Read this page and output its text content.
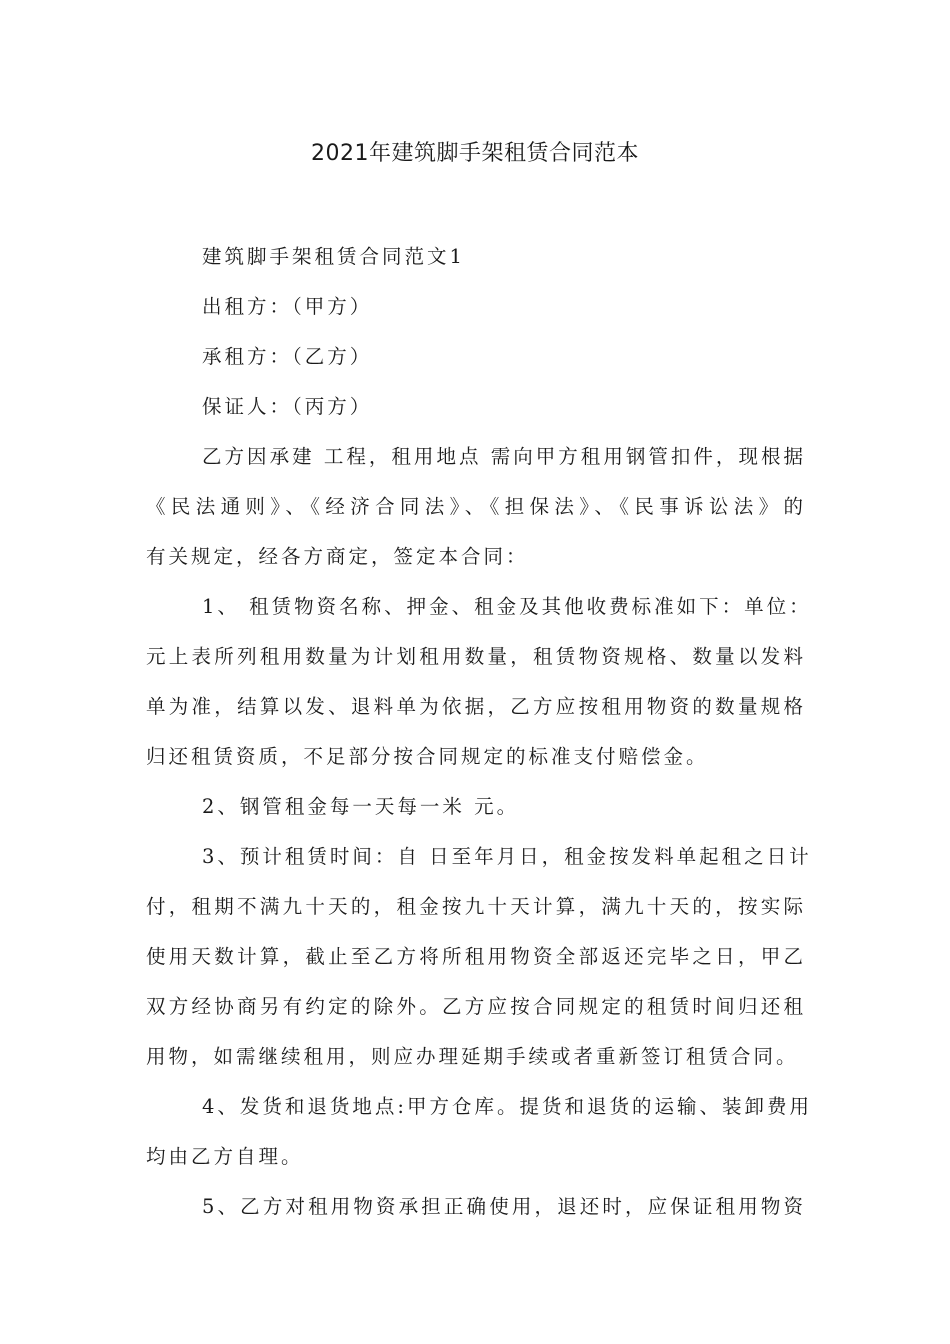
2021年建筑脚手架租赁合同范本
建筑脚手架租赁合同范文1
出租方：（甲方）
承租方：（乙方）
保证人：（丙方）
乙方因承建 工程，租用地点 需向甲方租用钢管扣件，现根据
《民法通则》、《经济合同法》、《担保法》、《民事诉讼法》的
有关规定，经各方商定，签定本合同：
1、 租赁物资名称、押金、租金及其他收费标准如下：单位：
元上表所列租用数量为计划租用数量，租赁物资规格、数量以发料
单为准，结算以发、退料单为依据，乙方应按租用物资的数量规格
归还租赁资质，不足部分按合同规定的标准支付赔偿金。
2、钢管租金每一天每一米 元。
3、预计租赁时间：自 日至年月日，租金按发料单起租之日计
付，租期不满九十天的，租金按九十天计算，满九十天的，按实际
使用天数计算，截止至乙方将所租用物资全部返还完毕之日，甲乙
双方经协商另有约定的除外。乙方应按合同规定的租赁时间归还租
用物，如需继续租用，则应办理延期手续或者重新签订租赁合同。
4、发货和退货地点:甲方仓库。提货和退货的运输、装卸费用
均由乙方自理。
5、乙方对租用物资承担正确使用，退还时，应保证租用物资
